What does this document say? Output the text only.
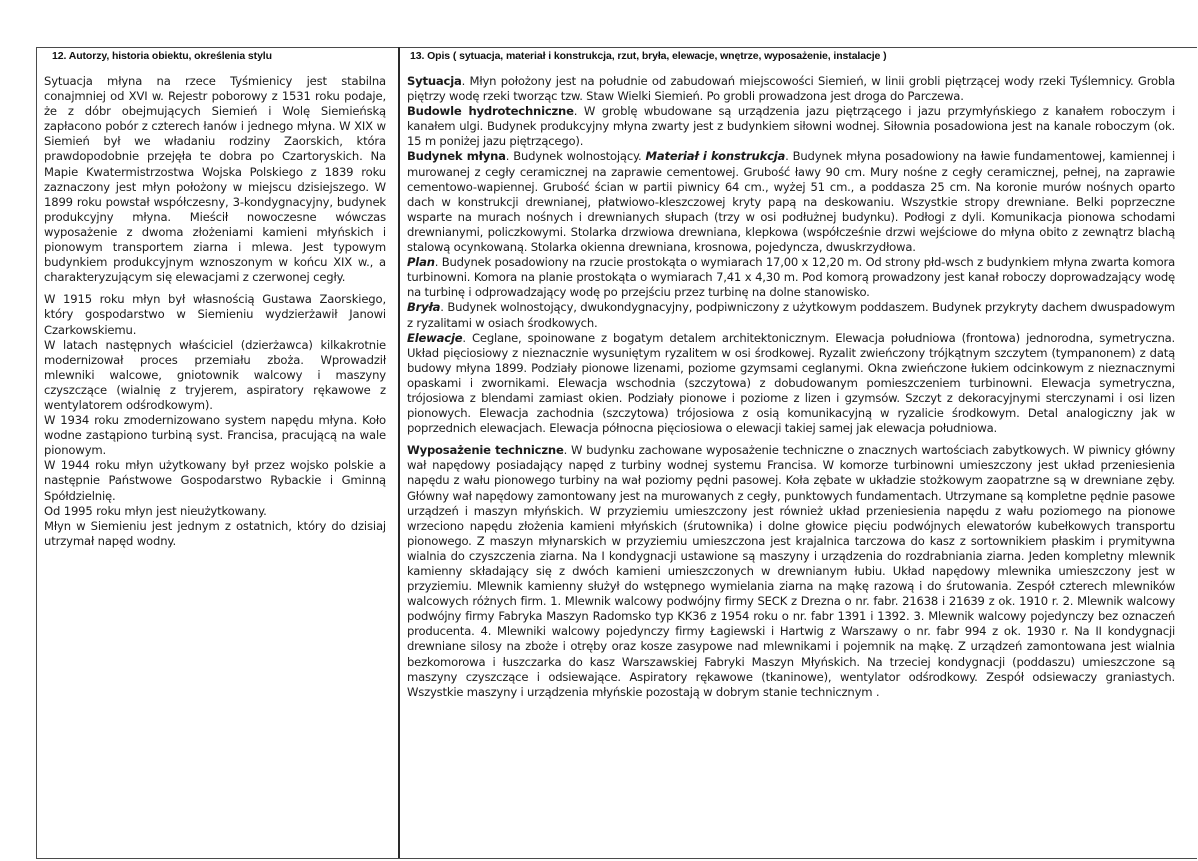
12. Autorzy, historia obiektu, określenia stylu

Sytuacja młyna na rzece Tyśmienicy jest stabilna conajmniej od XVI w. Rejestr poborowy z 1531 roku podaje, że z dóbr obejmujących Siemień i Wolę Siemieńską zapłacono pobór z czterech łanów i jednego młyna. W XIX w Siemień był we władaniu rodziny Zaorskich, która prawdopodobnie przejęła te dobra po Czartoryskich. Na Mapie Kwatermistrzostwa Wojska Polskiego z 1839 roku zaznaczony jest młyn położony w miejscu dzisiejszego. W 1899 roku powstał współczesny, 3-kondygnacyjny, budynek produkcyjny młyna. Mieścił nowoczesne wówczas wyposażenie z dwoma złożeniami kamieni młyńskich i pionowym transportem ziarna i mlewa. Jest typowym budynkiem produkcyjnym wznoszonym w końcu XIX w., a charakteryzującym się elewacjami z czerwonej cegły.

W 1915 roku młyn był własnością Gustawa Zaorskiego, który gospodarstwo w Siemieniu wydzierżawił Janowi Czarkowskiemu.

W latach następnych właściciel (dzierżawca) kilkakrotnie modernizował proces przemiału zboża. Wprowadził mlewniki walcowe, gniotownik walcowy i maszyny czyszczące (wialnię z tryjerem, aspiratory rękawowe z wentylatorem odśrodkowym).

W 1934 roku zmodernizowano system napędu młyna. Koło wodne zastąpiono turbiną syst. Francisa, pracującą na wale pionowym.

W 1944 roku młyn użytkowany był przez wojsko polskie a następnie Państwowe Gospodarstwo Rybackie i Gminną Spółdzielnię.

Od 1995 roku młyn jest nieużytkowany.

Młyn w Siemieniu jest jednym z ostatnich, który do dzisiaj utrzymał napęd wodny.

13. Opis ( sytuacja, materiał i konstrukcja, rzut, bryła, elewacje, wnętrze, wyposażenie, instalacje )

Sytuacja. Młyn położony jest na południe od zabudowań miejscowości Siemień, w linii grobli piętrzącej wody rzeki Tyślemnicy. Grobla piętrzy wodę rzeki tworząc tzw. Staw Wielki Siemień. Po grobli prowadzona jest droga do Parczewa.

Budowle hydrotechniczne. W groblę wbudowane są urządzenia jazu piętrzącego i jazu przymłyńskiego z kanałem roboczym i kanałem ulgi. Budynek produkcyjny młyna zwarty jest z budynkiem siłowni wodnej. Siłownia posadowiona jest na kanale roboczym (ok. 15 m poniżej jazu piętrzącego).

Budynek młyna. Budynek wolnostojący. Materiał i konstrukcja. Budynek młyna posadowiony na ławie fundamentowej, kamiennej i murowanej z cegły ceramicznej na zaprawie cementowej. Grubość ławy 90 cm. Mury nośne z cegły ceramicznej, pełnej, na zaprawie cementowo-wapiennej. Grubość ścian w partii piwnicy 64 cm., wyżej 51 cm., a poddasza 25 cm. Na koronie murów nośnych oparto dach w konstrukcji drewnianej, płatwiowo-kleszczowej kryty papą na deskowaniu. Wszystkie stropy drewniane. Belki poprzeczne wsparte na murach nośnych i drewnianych słupach (trzy w osi podłużnej budynku). Podłogi z dyli. Komunikacja pionowa schodami drewnianymi, policzkowymi. Stolarka drzwiowa drewniana, klepkowa (współcześnie drzwi wejściowe do młyna obito z zewnątrz blachą stalową ocynkowaną. Stolarka okienna drewniana, krosnowa, pojedyncza, dwuskrzydłowa.

Plan. Budynek posadowiony na rzucie prostokąta o wymiarach 17,00 x 12,20 m. Od strony płd-wsch z budynkiem młyna zwarta komora turbinowni. Komora na planie prostokąta o wymiarach 7,41 x 4,30 m. Pod komorą prowadzony jest kanał roboczy doprowadzający wodę na turbinę i odprowadzający wodę po przejściu przez turbinę na dolne stanowisko.

Bryła. Budynek wolnostojący, dwukondygnacyjny, podpiwniczony z użytkowym poddaszem. Budynek przykryty dachem dwuspadowym z ryzalitami w osiach środkowych.

Elewacje. Ceglane, spoinowane z bogatym detalem architektonicznym. Elewacja południowa (frontowa) jednorodna, symetryczna. Układ pięciosiowy z nieznacznie wysuniętym ryzalitem w osi środkowej. Ryzalit zwieńczony trójkątnym szczytem (tympanonem) z datą budowy młyna 1899. Podziały pionowe lizenami, poziome gzymsami ceglanymi. Okna zwieńczone łukiem odcinkowym z nieznacznymi opaskami i zwornikami. Elewacja wschodnia (szczytowa) z dobudowanym pomieszczeniem turbinowni. Elewacja symetryczna, trójosiowa z blendami zamiast okien. Podziały pionowe i poziome z lizen i gzymsów. Szczyt z dekoracyjnymi sterczynami i osi lizen pionowych. Elewacja zachodnia (szczytowa) trójosiowa z osią komunikacyjną w ryzalicie środkowym. Detal analogiczny jak w poprzednich elewacjach. Elewacja północna pięciosiowa o elewacji takiej samej jak elewacja południowa.

Wyposażenie techniczne. W budynku zachowane wyposażenie techniczne o znacznych wartościach zabytkowych. W piwnicy główny wał napędowy posiadający napęd z turbiny wodnej systemu Francisa. W komorze turbinowni umieszczony jest układ przeniesienia napędu z wału pionowego turbiny na wał poziomy pędni pasowej. Koła zębate w układzie stożkowym zaopatrzne są w drewniane zęby. Główny wał napędowy zamontowany jest na murowanych z cegły, punktowych fundamentach. Utrzymane są kompletne pędnie pasowe urządzeń i maszyn młyńskich. W przyziemiu umieszczony jest również układ przeniesienia napędu z wału poziomego na pionowe wrzeciono napędu złożenia kamieni młyńskich (śrutownika) i dolne głowice pięciu podwójnych elewatorów kubełkowych transportu pionowego. Z maszyn młynarskich w przyziemiu umieszczona jest krajalnica tarczowa do kasz z sortownikiem płaskim i prymitywna wialnia do czyszczenia ziarna. Na I kondygnacji ustawione są maszyny i urządzenia do rozdrabniania ziarna. Jeden kompletny mlewnik kamienny składający się z dwóch kamieni umieszczonych w drewnianym łubiu. Układ napędowy mlewnika umieszczony jest w przyziemiu. Mlewnik kamienny służył do wstępnego wymielania ziarna na mąkę razową i do śrutowania. Zespół czterech mlewników walcowych różnych firm. 1. Mlewnik walcowy podwójny firmy SECK z Drezna o nr. fabr. 21638 i 21639 z ok. 1910 r. 2. Mlewnik walcowy podwójny firmy Fabryka Maszyn Radomsko typ KK36 z 1954 roku o nr. fabr 1391 i 1392. 3. Mlewnik walcowy pojedynczy bez oznaczeń producenta. 4. Mlewniki walcowy pojedynczy firmy Łagiewski i Hartwig z Warszawy o nr. fabr 994 z ok. 1930 r. Na II kondygnacji drewniane silosy na zboże i otręby oraz kosze zasypowe nad mlewnikami i pojemnik na mąkę. Z urządzeń zamontowana jest wialnia bezkomorowa i łuszczarka do kasz Warszawskiej Fabryki Maszyn Młyńskich. Na trzeciej kondygnacji (poddaszu) umieszczone są maszyny czyszczące i odsiewające. Aspiratory rękawowe (tkaninowe), wentylator odśrodkowy. Zespół odsiewaczy graniastych. Wszystkie maszyny i urządzenia młyńskie pozostają w dobrym stanie technicznym .
